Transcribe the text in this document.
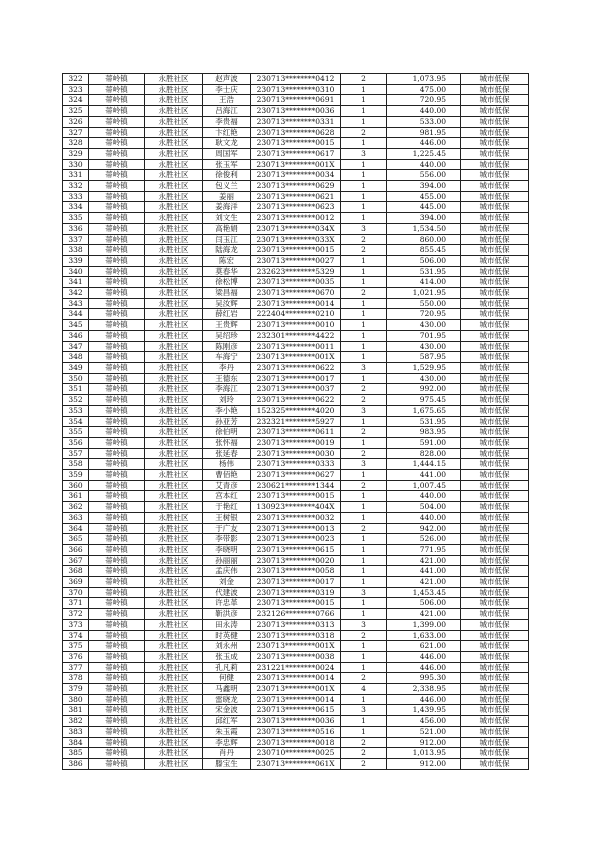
322	蒂岭镇	永胜社区	赵声波	230713********0412	2	1,073.95	城市低保
323	蒂岭镇	永胜社区	李士庆	230713********0310	1	475.00	城市低保
324	蒂岭镇	永胜社区	王浩	230713********0691	1	720.95	城市低保
325	蒂岭镇	永胜社区	吕海江	230713********0036	1	440.00	城市低保
326	蒂岭镇	永胜社区	李贵福	230713********0331	1	533.00	城市低保
327	蒂岭镇	永胜社区	卞红艳	230713********0628	2	981.95	城市低保
328	蒂岭镇	永胜社区	耿文龙	230713********0015	1	446.00	城市低保
329	蒂岭镇	永胜社区	周国军	230713********0617	3	1,225.45	城市低保
330	蒂岭镇	永胜社区	张玉军	230713********001X	1	440.00	城市低保
331	蒂岭镇	永胜社区	徐俊利	230713********0034	1	556.00	城市低保
332	蒂岭镇	永胜社区	包义兰	230713********0629	1	394.00	城市低保
333	蒂岭镇	永胜社区	姜丽	230713********0621	1	455.00	城市低保
334	蒂岭镇	永胜社区	姜海洋	230713********0623	1	445.00	城市低保
335	蒂岭镇	永胜社区	刘文生	230713********0012	1	394.00	城市低保
336	蒂岭镇	永胜社区	高艳娟	230713********034X	3	1,534.50	城市低保
337	蒂岭镇	永胜社区	闫玉江	230713********033X	2	860.00	城市低保
338	蒂岭镇	永胜社区	陆海龙	230713********0015	2	855.45	城市低保
339	蒂岭镇	永胜社区	陈宏	230713********0027	1	506.00	城市低保
340	蒂岭镇	永胜社区	莫春华	232623********5329	1	531.95	城市低保
341	蒂岭镇	永胜社区	徐松博	230713********0035	1	414.00	城市低保
342	蒂岭镇	永胜社区	梁昌福	230713********0670	2	1,021.95	城市低保
343	蒂岭镇	永胜社区	吴汝辉	230713********0014	1	550.00	城市低保
344	蒂岭镇	永胜社区	薛红岩	222404********0210	1	720.95	城市低保
345	蒂岭镇	永胜社区	王贵辉	230713********0010	1	430.00	城市低保
346	蒂岭镇	永胜社区	吴绍珍	232301********4422	1	701.95	城市低保
347	蒂岭镇	永胜社区	陈刚彦	230713********0011	1	430.00	城市低保
348	蒂岭镇	永胜社区	车海宁	230713********001X	1	587.95	城市低保
349	蒂岭镇	永胜社区	李丹	230713********0622	3	1,529.95	城市低保
350	蒂岭镇	永胜社区	王德东	230713********0017	1	430.00	城市低保
351	蒂岭镇	永胜社区	李海江	230713********0037	2	992.00	城市低保
352	蒂岭镇	永胜社区	刘玲	230713********0622	2	975.45	城市低保
353	蒂岭镇	永胜社区	李小艳	152325********4020	3	1,675.65	城市低保
354	蒂岭镇	永胜社区	孙亚芳	232321********5927	1	531.95	城市低保
355	蒂岭镇	永胜社区	徐伯明	230713********0611	2	983.95	城市低保
356	蒂岭镇	永胜社区	张怀福	230713********0019	1	591.00	城市低保
357	蒂岭镇	永胜社区	张延春	230713********0030	2	828.00	城市低保
358	蒂岭镇	永胜社区	杨伟	230713********0333	3	1,444.15	城市低保
359	蒂岭镇	永胜社区	曹佰艳	230713********0627	1	441.00	城市低保
360	蒂岭镇	永胜社区	艾青彦	230621********1344	2	1,007.45	城市低保
361	蒂岭镇	永胜社区	宫本红	230713********0015	1	440.00	城市低保
362	蒂岭镇	永胜社区	于艳红	130923********404X	1	504.00	城市低保
363	蒂岭镇	永胜社区	王树银	230713********0032	1	440.00	城市低保
364	蒂岭镇	永胜社区	于广友	230713********0013	2	942.00	城市低保
365	蒂岭镇	永胜社区	李带影	230713********0023	1	526.00	城市低保
366	蒂岭镇	永胜社区	李晓明	230713********0615	1	771.95	城市低保
367	蒂岭镇	永胜社区	孙丽丽	230713********0020	1	421.00	城市低保
368	蒂岭镇	永胜社区	孟庆伟	230713********0058	1	441.00	城市低保
369	蒂岭镇	永胜社区	刘金	230713********0017	1	421.00	城市低保
370	蒂岭镇	永胜社区	代建波	230713********0319	3	1,453.45	城市低保
371	蒂岭镇	永胜社区	许忠革	230713********0015	1	506.00	城市低保
372	蒂岭镇	永胜社区	靳洪彦	232126********0766	1	421.00	城市低保
373	蒂岭镇	永胜社区	田永涛	230713********0313	3	1,399.00	城市低保
374	蒂岭镇	永胜社区	时英健	230713********0318	2	1,633.00	城市低保
375	蒂岭镇	永胜社区	刘永州	230713********001X	1	621.00	城市低保
376	蒂岭镇	永胜社区	张玉成	230713********0038	1	446.00	城市低保
377	蒂岭镇	永胜社区	孔凡莉	231221********0024	1	446.00	城市低保
378	蒂岭镇	永胜社区	何健	230713********0014	2	995.30	城市低保
379	蒂岭镇	永胜社区	马鑫明	230713********001X	4	2,338.95	城市低保
380	蒂岭镇	永胜社区	雷晓龙	230713********0014	1	446.00	城市低保
381	蒂岭镇	永胜社区	宋金波	230713********0615	3	1,439.95	城市低保
382	蒂岭镇	永胜社区	邱红军	230713********0036	1	456.00	城市低保
383	蒂岭镇	永胜社区	朱玉霞	230713********0516	1	521.00	城市低保
384	蒂岭镇	永胜社区	李忠辉	230713********0018	2	912.00	城市低保
385	蒂岭镇	永胜社区	肖丹	230710********0025	2	1,013.95	城市低保
386	蒂岭镇	永胜社区	滕宝生	230713********061X	2	912.00	城市低保
